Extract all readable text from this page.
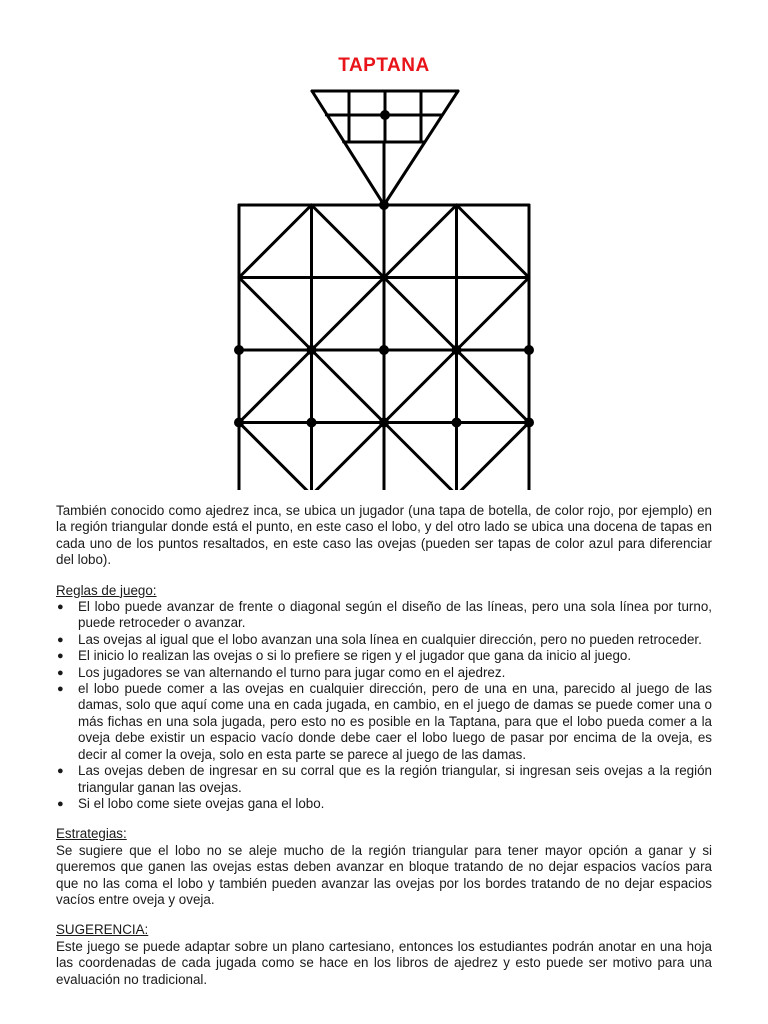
TAPTANA

También conocido como ajedrez inca, se ubica un jugador (una tapa de botella, de color rojo, por ejemplo) en la región triangular donde está el punto, en este caso el lobo, y del otro lado se ubica una docena de tapas en cada uno de los puntos resaltados, en este caso las ovejas (pueden ser tapas de color azul para diferenciar del lobo).

Reglas de juego:
● El lobo puede avanzar de frente o diagonal según el diseño de las líneas, pero una sola línea por turno, puede retroceder o avanzar.
● Las ovejas al igual que el lobo avanzan una sola línea en cualquier dirección, pero no pueden retroceder.
● El inicio lo realizan las ovejas o si lo prefiere se rigen y el jugador que gana da inicio al juego.
● Los jugadores se van alternando el turno para jugar como en el ajedrez.
● el lobo puede comer a las ovejas en cualquier dirección, pero de una en una, parecido al juego de las damas, solo que aquí come una en cada jugada, en cambio, en el juego de damas se puede comer una o más fichas en una sola jugada, pero esto no es posible en la Taptana, para que el lobo pueda comer a la oveja debe existir un espacio vacío donde debe caer el lobo luego de pasar por encima de la oveja, es decir al comer la oveja, solo en esta parte se parece al juego de las damas.
● Las ovejas deben de ingresar en su corral que es la región triangular, si ingresan seis ovejas a la región triangular ganan las ovejas.
● Si el lobo come siete ovejas gana el lobo.
Estrategias:

Se sugiere que el lobo no se aleje mucho de la región triangular para tener mayor opción a ganar y si queremos que ganen las ovejas estas deben avanzar en bloque tratando de no dejar espacios vacíos para que no las coma el lobo y también pueden avanzar las ovejas por los bordes tratando de no dejar espacios vacíos entre oveja y oveja.

SUGERENCIA:

Este juego se puede adaptar sobre un plano cartesiano, entonces los estudiantes podrán anotar en una hoja las coordenadas de cada jugada como se hace en los libros de ajedrez y esto puede ser motivo para una evaluación no tradicional.
